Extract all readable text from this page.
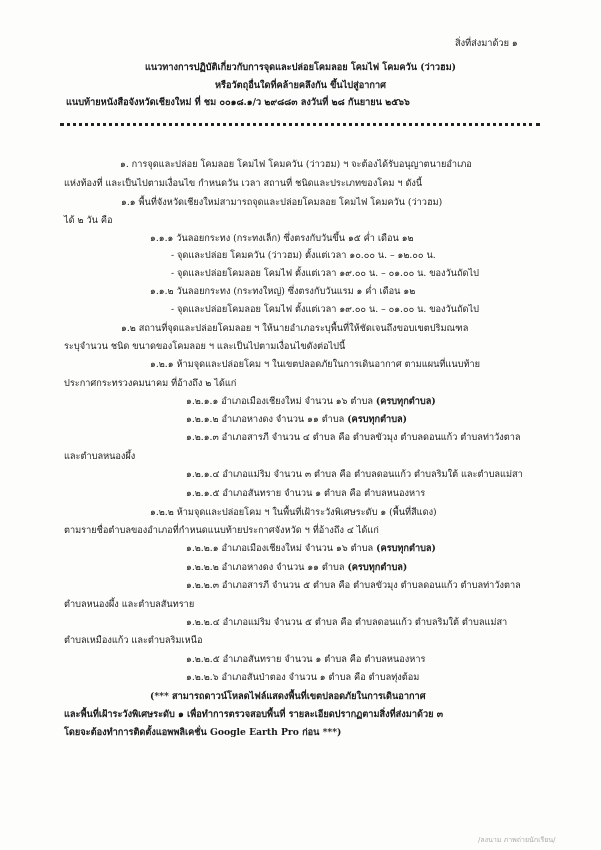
สิ่งที่ส่งมาด้วย ๑
แนวทางการปฏิบัติเกี่ยวกับการจุดและปล่อยโคมลอย โคมไฟ โคมควัน (ว่าวฮม)
หรือวัตถุอื่นใดที่คล้ายคลึงกัน ขึ้นไปสู่อากาศ
แนบท้ายหนังสือจังหวัดเชียงใหม่ ที่ ชม ๐๐๑๘.๑/ว ๒๙๘๘๓ ลงวันที่ ๒๘ กันยายน ๒๕๖๖
๑. การจุดและปล่อย โคมลอย โคมไฟ โคมควัน (ว่าวฮม) ฯ จะต้องได้รับอนุญาตนายอำเภอ
แห่งท้องที่ และเป็นไปตามเงื่อนไข กำหนดวัน เวลา สถานที่ ชนิดและประเภทของโคม ฯ ดังนี้
๑.๑ พื้นที่จังหวัดเชียงใหม่สามารถจุดและปล่อยโคมลอย โคมไฟ โคมควัน (ว่าวฮม)
ได้ ๒ วัน คือ
๑.๑.๑ วันลอยกระทง (กระทงเล็ก) ซึ่งตรงกับวันขึ้น ๑๕ ค่ำ เดือน ๑๒
- จุดและปล่อย โคมควัน (ว่าวฮม) ตั้งแต่เวลา ๑๐.๐๐ น. – ๑๒.๐๐ น.
- จุดและปล่อยโคมลอย โคมไฟ ตั้งแต่เวลา ๑๙.๐๐ น. – ๐๑.๐๐ น. ของวันถัดไป
๑.๑.๒ วันลอยกระทง (กระทงใหญ่) ซึ่งตรงกับวันแรม ๑ ค่ำ เดือน ๑๒
- จุดและปล่อยโคมลอย โคมไฟ ตั้งแต่เวลา ๑๙.๐๐ น. – ๐๑.๐๐ น. ของวันถัดไป
๑.๒ สถานที่จุดและปล่อยโคมลอย ฯ ให้นายอำเภอระบุพื้นที่ให้ชัดเจนถึงขอบเขตปริมณฑล
ระบุจำนวน ชนิด ขนาดของโคมลอย ฯ และเป็นไปตามเงื่อนไขดังต่อไปนี้
๑.๒.๑ ห้ามจุดและปล่อยโคม ฯ ในเขตปลอดภัยในการเดินอากาศ ตามแผนที่แนบท้าย
ประกาศกระทรวงคมนาคม ที่อ้างถึง ๒ ได้แก่
๑.๒.๑.๑ อำเภอเมืองเชียงใหม่ จำนวน ๑๖ ตำบล (ครบทุกตำบล)
๑.๒.๑.๒ อำเภอหางดง จำนวน ๑๑ ตำบล (ครบทุกตำบล)
๑.๒.๑.๓ อำเภอสารภี จำนวน ๔ ตำบล คือ ตำบลขัวมุง ตำบลดอนแก้ว ตำบลท่าวังตาล
และตำบลหนองผึ้ง
๑.๒.๑.๔ อำเภอแม่ริม จำนวน ๓ ตำบล คือ ตำบลดอนแก้ว ตำบลริมใต้ และตำบลแม่สา
๑.๒.๑.๕ อำเภอสันทราย จำนวน ๑ ตำบล คือ ตำบลหนองหาร
๑.๒.๒ ห้ามจุดและปล่อยโคม ฯ ในพื้นที่เฝ้าระวังพิเศษระดับ ๑ (พื้นที่สีแดง)
ตามรายชื่อตำบลของอำเภอที่กำหนดแนบท้ายประกาศจังหวัด ฯ ที่อ้างถึง ๔ ได้แก่
๑.๒.๒.๑ อำเภอเมืองเชียงใหม่ จำนวน ๑๖ ตำบล (ครบทุกตำบล)
๑.๒.๒.๒ อำเภอหางดง จำนวน ๑๑ ตำบล (ครบทุกตำบล)
๑.๒.๒.๓ อำเภอสารภี จำนวน ๕ ตำบล คือ ตำบลขัวมุง ตำบลดอนแก้ว ตำบลท่าวังตาล
ตำบลหนองผึ้ง และตำบลสันทราย
๑.๒.๒.๔ อำเภอแม่ริม จำนวน ๕ ตำบล คือ ตำบลดอนแก้ว ตำบลริมใต้ ตำบลแม่สา
ตำบลเหมืองแก้ว และตำบลริมเหนือ
๑.๒.๒.๕ อำเภอสันทราย จำนวน ๑ ตำบล คือ ตำบลหนองหาร
๑.๒.๒.๖ อำเภอสันป่าตอง จำนวน ๑ ตำบล คือ ตำบลทุ่งต้อม
(*** สามารถดาวน์โหลดไฟล์แสดงพื้นที่เขตปลอดภัยในการเดินอากาศ
และพื้นที่เฝ้าระวังพิเศษระดับ ๑ เพื่อทำการตรวจสอบพื้นที่ รายละเอียดปรากฏตามสิ่งที่ส่งมาด้วย ๓
โดยจะต้องทำการติดตั้งแอพพลิเคชั่น Google Earth Pro ก่อน ***)
/ลงนาม ภาพถ่ายนักเรียน/
